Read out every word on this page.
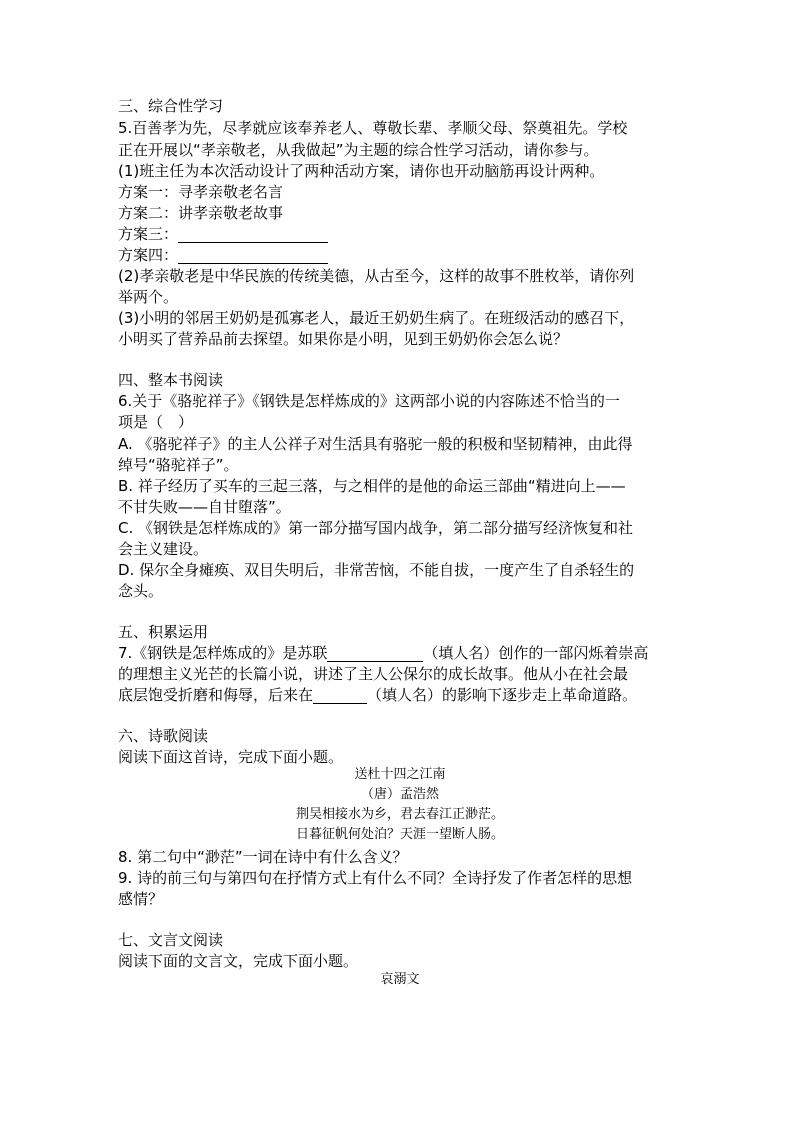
三、综合性学习

5.百善孝为先，尽孝就应该奉养老人、尊敬长辈、孝顺父母、祭奠祖先。学校

正在开展以“孝亲敬老，从我做起”为主题的综合性学习活动，请你参与。

(1)班主任为本次活动设计了两种活动方案，请你也开动脑筋再设计两种。

方案一：寻孝亲敬老名言

方案二：讲孝亲敬老故事

方案三：

方案四：

(2)孝亲敬老是中华民族的传统美德，从古至今，这样的故事不胜枚举，请你列

举两个。

(3)小明的邻居王奶奶是孤寡老人，最近王奶奶生病了。在班级活动的感召下，

小明买了营养品前去探望。如果你是小明，见到王奶奶你会怎么说？

四、整本书阅读

6.关于《骆驼祥子》《钢铁是怎样炼成的》这两部小说的内容陈述不恰当的一

项是（　）

A. 《骆驼祥子》的主人公祥子对生活具有骆驼一般的积极和坚韧精神，由此得

绰号“骆驼祥子”。

B. 祥子经历了买车的三起三落，与之相伴的是他的命运三部曲“精进向上——

不甘失败——自甘堕落”。

C. 《钢铁是怎样炼成的》第一部分描写国内战争，第二部分描写经济恢复和社

会主义建设。

D. 保尔全身瘫痪、双目失明后，非常苦恼，不能自拔，一度产生了自杀轻生的

念头。

五、积累运用

7.《钢铁是怎样炼成的》是苏联	（填人名）创作的一部闪烁着崇高

的理想主义光芒的长篇小说，讲述了主人公保尔的成长故事。他从小在社会最

底层饱受折磨和侮辱，后来在	（填人名）的影响下逐步走上革命道路。

六、诗歌阅读

阅读下面这首诗，完成下面小题。

送杜十四之江南

（唐）孟浩然

荆吴相接水为乡，君去春江正渺茫。

日暮征帆何处泊？天涯一望断人肠。

8. 第二句中“渺茫”一词在诗中有什么含义？

9. 诗的前三句与第四句在抒情方式上有什么不同？全诗抒发了作者怎样的思想

感情？

七、文言文阅读

阅读下面的文言文，完成下面小题。

哀溺文
